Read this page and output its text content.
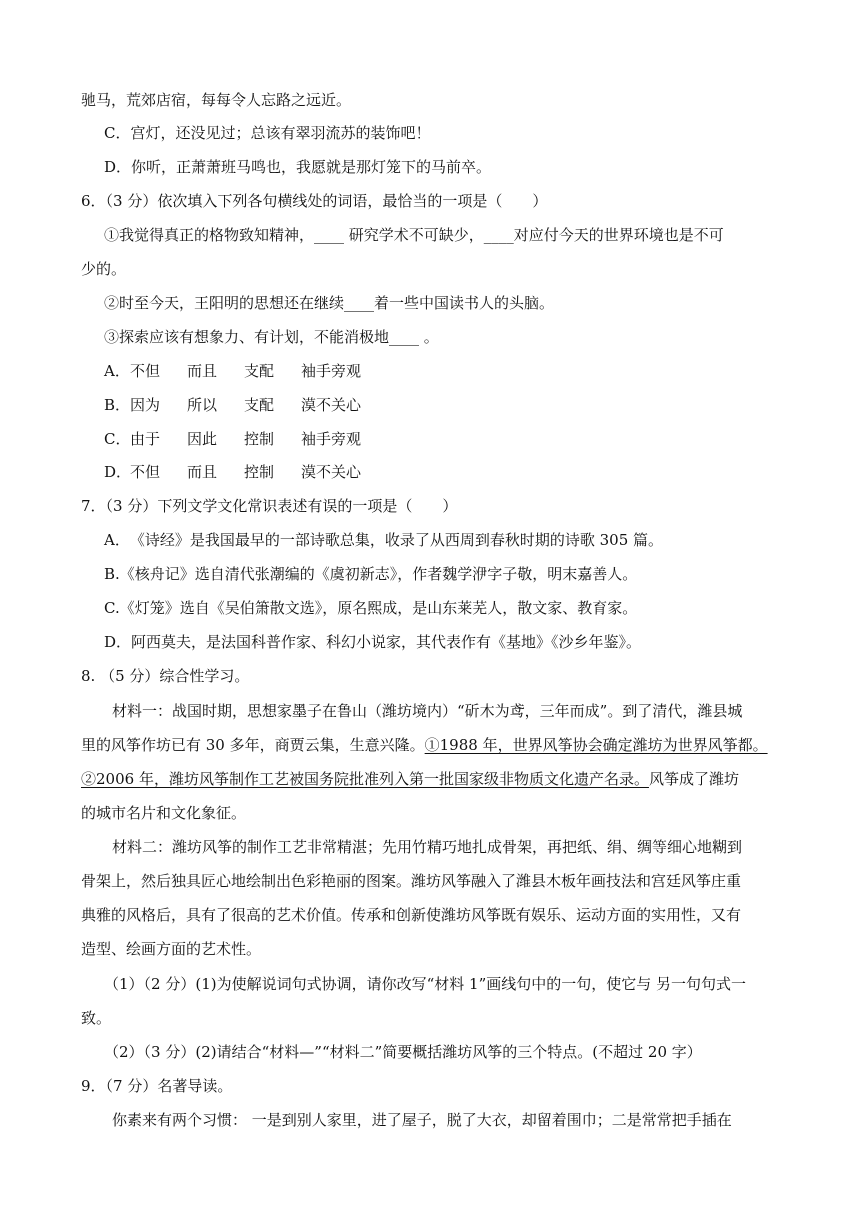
驰马，荒郊店宿，每每令人忘路之远近。
C．宫灯，还没见过；总该有翠羽流苏的装饰吧！
D．你听，正萧萧班马鸣也，我愿就是那灯笼下的马前卒。
6．（3 分）依次填入下列各句横线处的词语，最恰当的一项是（　　）
①我觉得真正的格物致知精神，____ 研究学术不可缺少，____对应付今天的世界环境也是不可
少的。
②时至今天，王阳明的思想还在继续____着一些中国读书人的头脑。
③探索应该有想象力、有计划，不能消极地____ 。
A．不但 而且 支配 袖手旁观
B．因为 所以 支配 漠不关心
C．由于 因此 控制 袖手旁观
D．不但 而且 控制 漠不关心
7．（3 分）下列文学文化常识表述有误的一项是（　　）
A．　《诗经》是我国最早的一部诗歌总集，收录了从西周到春秋时期的诗歌 305 篇。
B.《核舟记》选自清代张潮编的《虞初新志》，作者魏学洢字子敬，明末嘉善人。
C.《灯笼》选自《吴伯箫散文选》，原名熙成，是山东莱芜人，散文家、教育家。
D．阿西莫夫，是法国科普作家、科幻小说家，其代表作有《基地》《沙乡年鉴》。
8. （5 分）综合性学习。
材料一：战国时期，思想家墨子在鲁山（潍坊境内）“斫木为鸢，三年而成”。到了清代，潍县城
里的风筝作坊已有 30 多年，商贾云集，生意兴隆。①1988 年，世界风筝协会确定潍坊为世界风筝都。
②2006 年，潍坊风筝制作工艺被国务院批准列入第一批国家级非物质文化遗产名录。风筝成了潍坊
的城市名片和文化象征。
材料二：潍坊风筝的制作工艺非常精湛；先用竹精巧地扎成骨架，再把纸、绢、绸等细心地糊到
骨架上，然后独具匠心地绘制出色彩艳丽的图案。潍坊风筝融入了潍县木板年画技法和宫廷风筝庄重
典雅的风格后，具有了很高的艺术价值。传承和创新使潍坊风筝既有娱乐、运动方面的实用性，又有
造型、绘画方面的艺术性。
（1）（2 分）(1)为使解说词句式协调，请你改写“材料 1”画线句中的一句，使它与 另一句句式一
致。
（2）（3 分）(2)请结合“材料—”“材料二”简要概括潍坊风筝的三个特点。(不超过 20 字）
9．（7 分）名著导读。
你素来有两个习惯： 一是到别人家里，进了屋子，脱了大衣，却留着围巾；二是常常把手插在
